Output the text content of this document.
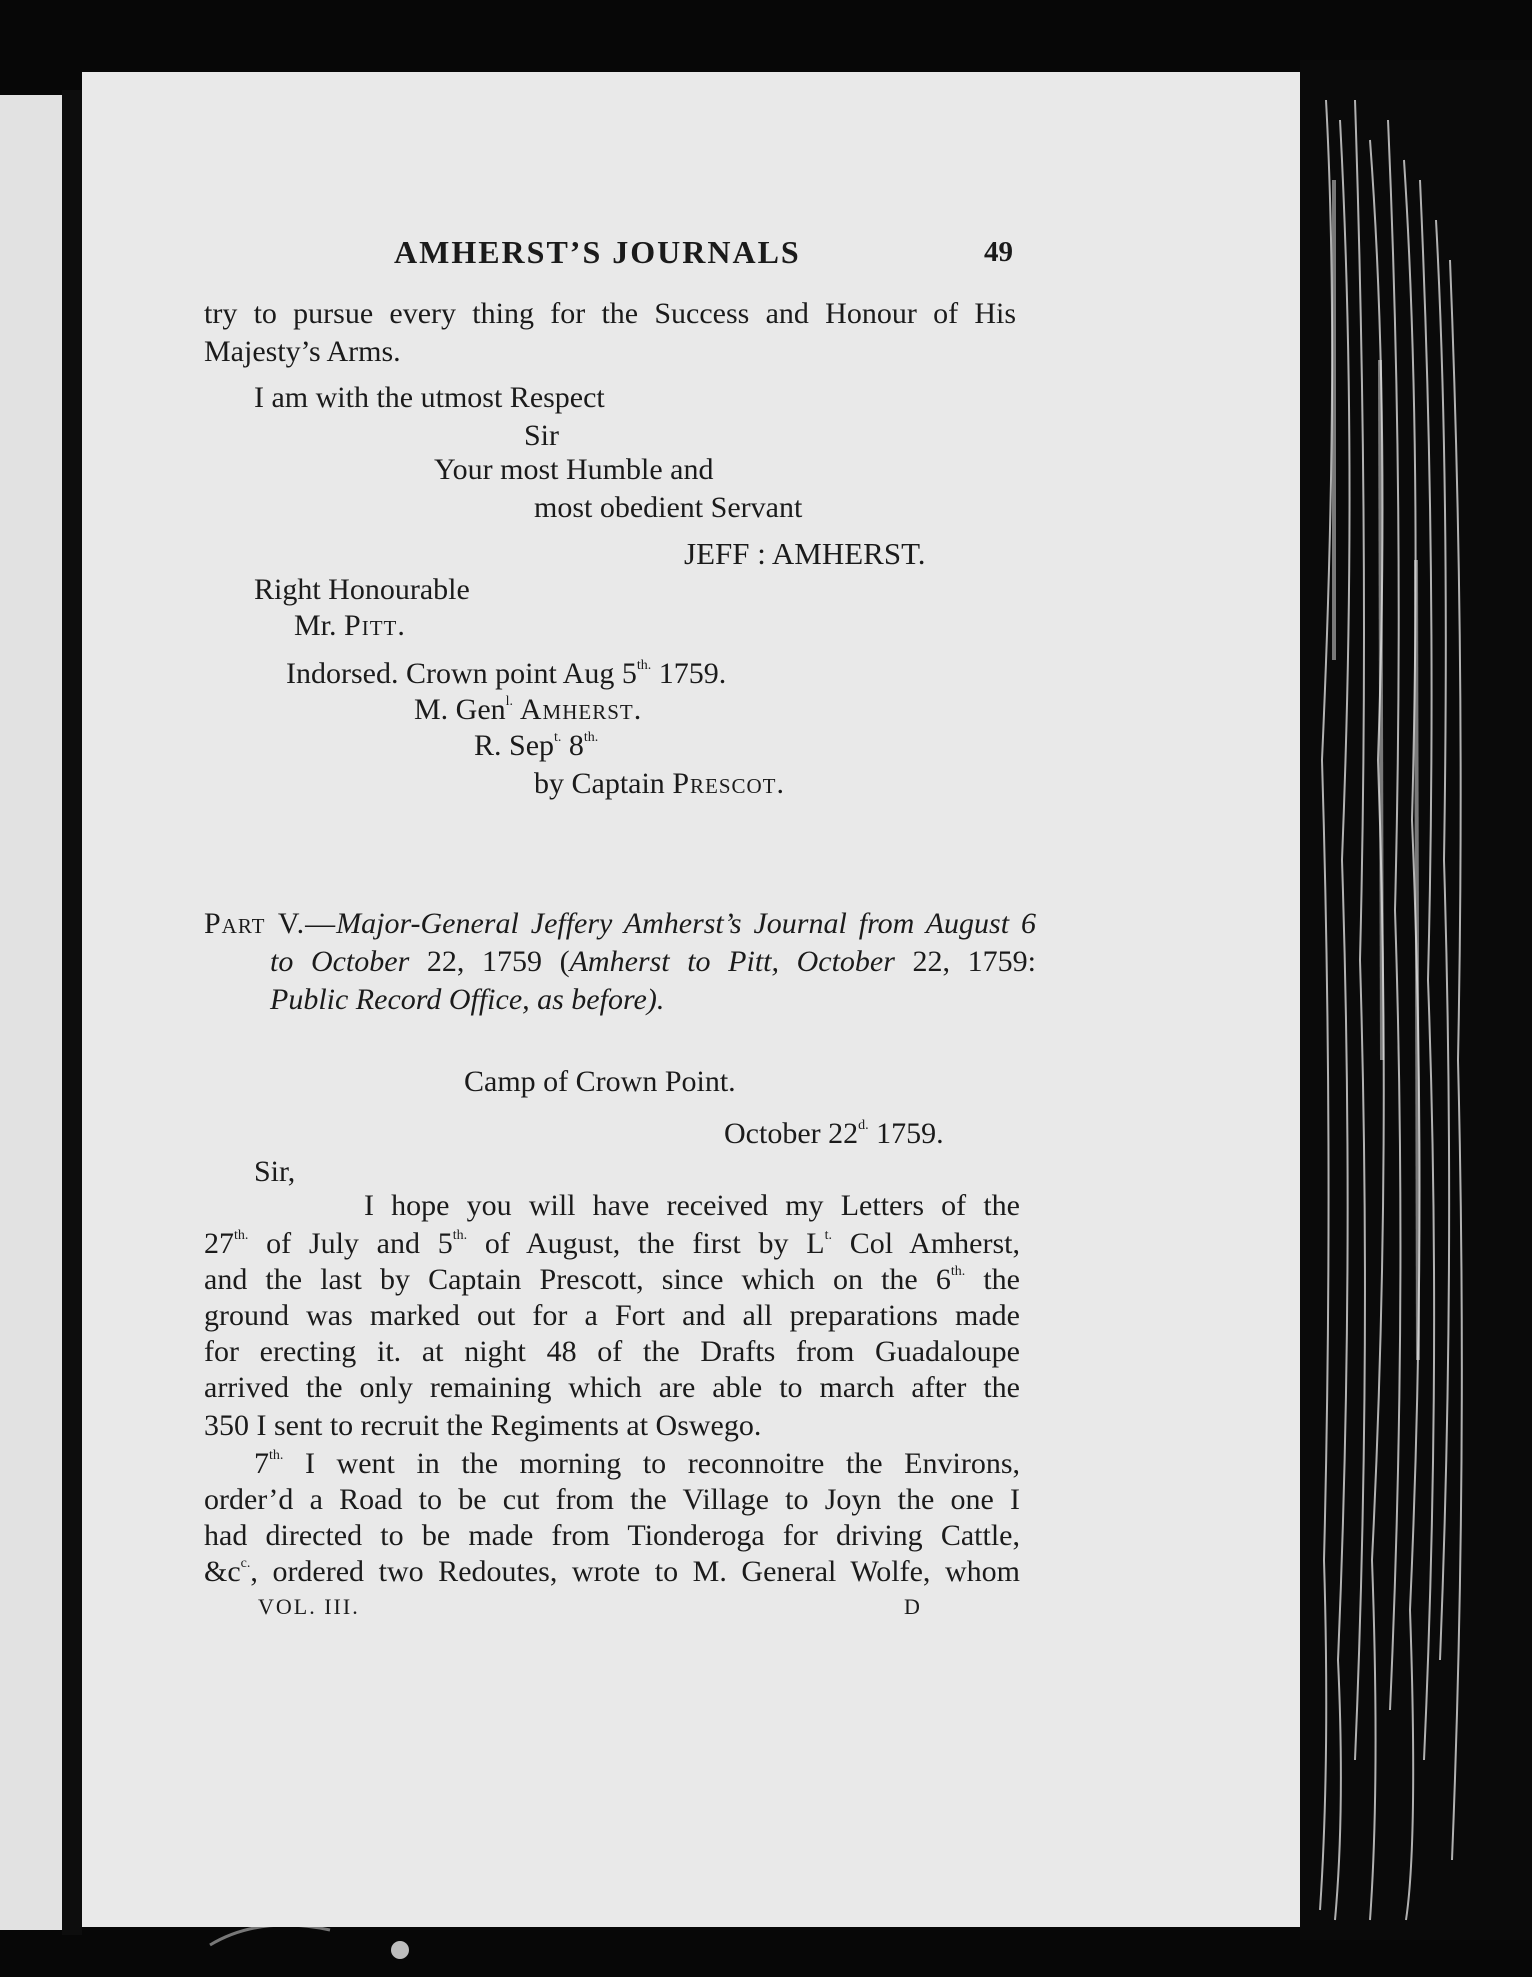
AMHERST’S JOURNALS	49
try to pursue every thing for the Success and Honour of His
Majesty’s Arms.
I am with the utmost Respect
Sir
Your most Humble and
most obedient Servant
JEFF : AMHERST.
Right Honourable
Mr. Pitt.
Indorsed. Crown point Aug $5^{th.}$ 1759.
M. Gen$^{l.}$ Amherst.
R. Sep$^{t.}$ $8^{th.}$
by Captain Prescot.
Part V.—Major-General Jeffery Amherst’s Journal from August 6
to October 22, 1759 (Amherst to Pitt, October 22, 1759:
Public Record Office, as before).
Camp of Crown Point.
October $22^{d.}$ 1759.
Sir,
I hope you will have received my Letters of the
$27^{th.}$ of July and $5^{th.}$ of August, the first by $L^{t.}$ Col Amherst,
and the last by Captain Prescott, since which on the $6^{th.}$ the
ground was marked out for a Fort and all preparations made
for erecting it. at night 48 of the Drafts from Guadaloupe
arrived the only remaining which are able to march after the
350 I sent to recruit the Regiments at Oswego.
$7^{th.}$ I went in the morning to reconnoitre the Environs,
order’d a Road to be cut from the Village to Joyn the one I
had directed to be made from Tionderoga for driving Cattle,
$\&c^{c.}$, ordered two Redoutes, wrote to M. General Wolfe, whom
VOL. III.	D
